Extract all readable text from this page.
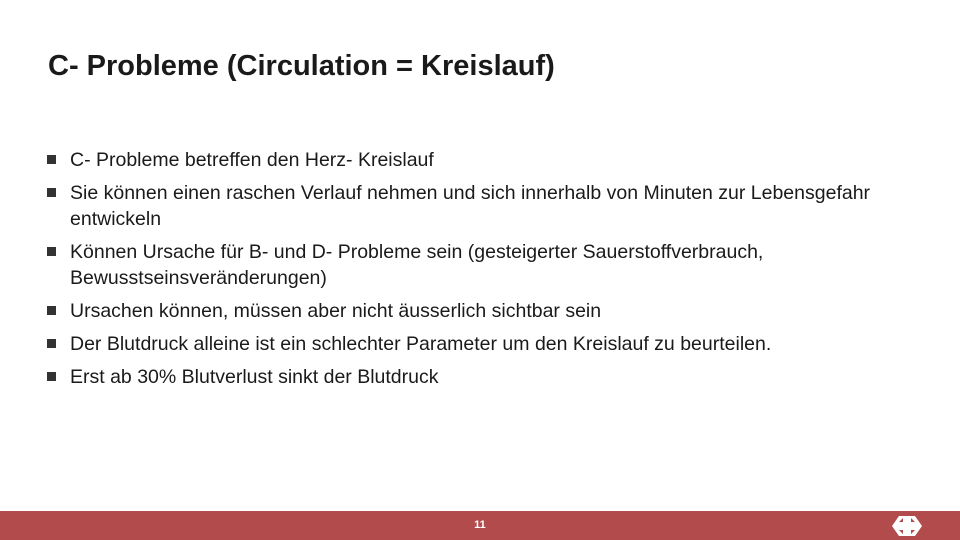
C- Probleme (Circulation = Kreislauf)
C- Probleme betreffen den Herz- Kreislauf
Sie können einen raschen Verlauf nehmen und sich innerhalb von Minuten zur Lebensgefahr entwickeln
Können Ursache für B- und D- Probleme sein (gesteigerter Sauerstoffverbrauch, Bewusstseinsveränderungen)
Ursachen können, müssen aber nicht äusserlich sichtbar sein
Der Blutdruck alleine ist ein schlechter Parameter um den Kreislauf zu beurteilen.
Erst ab 30% Blutverlust sinkt der Blutdruck
11
